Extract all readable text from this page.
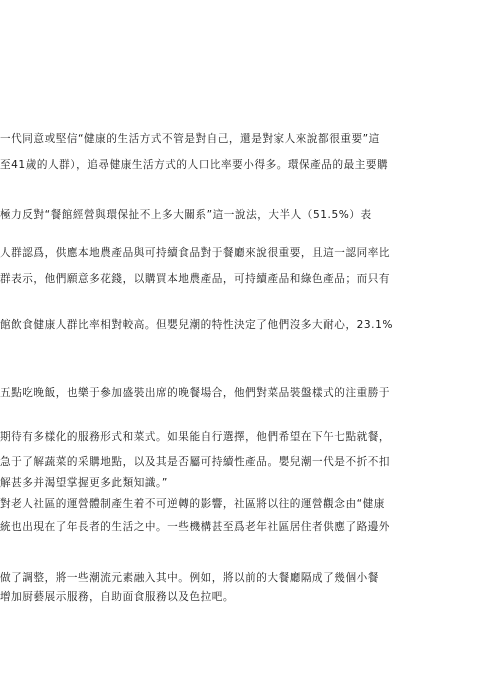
一代同意或堅信“健康的生活方式不管是對自己，還是對家人來說都很重要”這
至41歲的人群），追尋健康生活方式的人口比率要小得多。環保產品的最主要購
極力反對“餐館經營與環保扯不上多大關系”這一說法，大半人（51.5%）表
人群認爲，供應本地農產品與可持續食品對于餐廳來說很重要，且這一認同率比
群表示，他們願意多花錢，以購買本地農產品，可持續產品和綠色產品；而只有
館飲食健康人群比率相對較高。但嬰兒潮的特性決定了他們沒多大耐心，23.1%
五點吃晚飯，也樂于參加盛裝出席的晚餐場合，他們對菜品裝盤樣式的注重勝于
期待有多樣化的服務形式和菜式。如果能自行選擇，他們希望在下午七點就餐，
急于了解蔬菜的采購地點，以及其是否屬可持續性產品。嬰兒潮一代是不折不扣
解甚多并渴望掌握更多此類知識。”
對老人社區的運營體制產生着不可逆轉的影響，社區將以往的運營觀念由“健康
統也出現在了年長者的生活之中。一些機構甚至爲老年社區居住者供應了路邊外
做了調整，將一些潮流元素融入其中。例如，將以前的大餐廳隔成了幾個小餐
增加厨藝展示服務，自助面食服務以及色拉吧。
